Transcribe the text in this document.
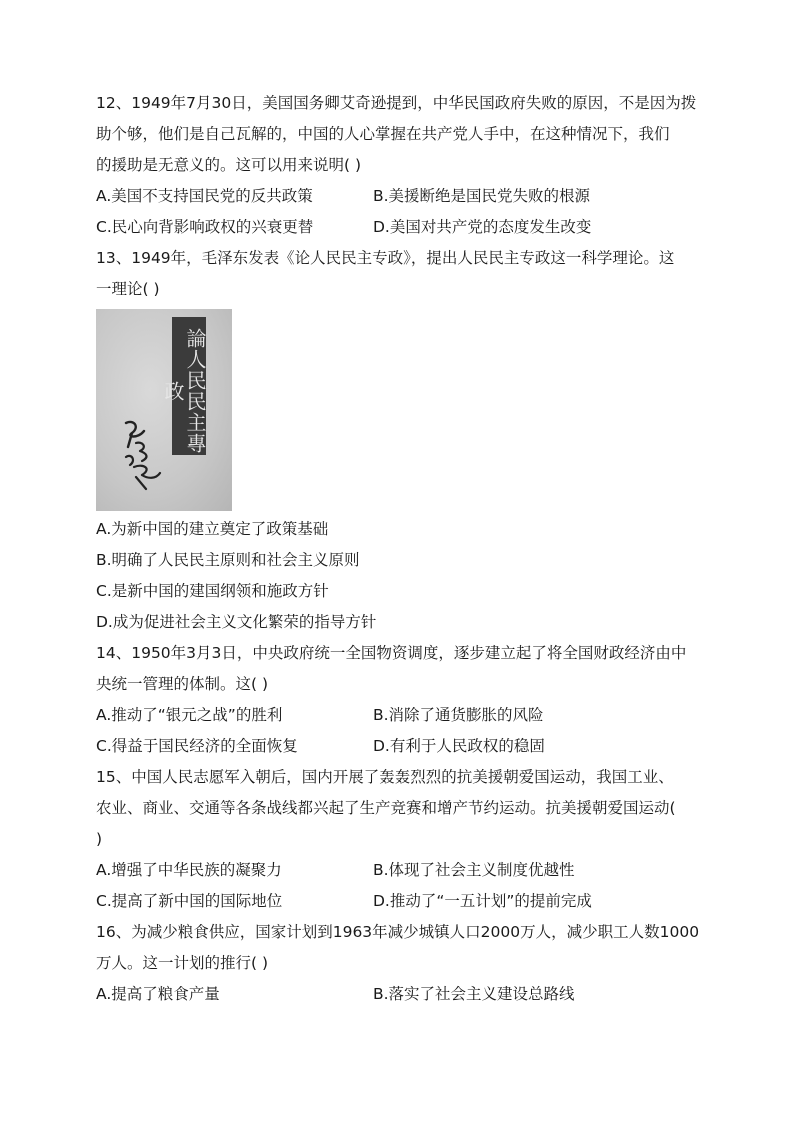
12、1949年7月30日，美国国务卿艾奇逊提到，中华民国政府失败的原因，不是因为拨
助个够，他们是自己瓦解的，中国的人心掌握在共产党人手中，在这种情况下，我们
的援助是无意义的。这可以用来说明( )
A.美国不支持国民党的反共政策	B.美援断绝是国民党失败的根源
C.民心向背影响政权的兴衰更替	D.美国对共产党的态度发生改变
13、1949年，毛泽东发表《论人民民主专政》，提出人民民主专政这一科学理论。这
一理论( )
論人民民主專政
A.为新中国的建立奠定了政策基础
B.明确了人民民主原则和社会主义原则
C.是新中国的建国纲领和施政方针
D.成为促进社会主义文化繁荣的指导方针
14、1950年3月3日，中央政府统一全国物资调度，逐步建立起了将全国财政经济由中
央统一管理的体制。这( )
A.推动了“银元之战”的胜利	B.消除了通货膨胀的风险
C.得益于国民经济的全面恢复	D.有利于人民政权的稳固
15、中国人民志愿军入朝后，国内开展了轰轰烈烈的抗美援朝爱国运动，我国工业、
农业、商业、交通等各条战线都兴起了生产竞赛和增产节约运动。抗美援朝爱国运动(
)
A.增强了中华民族的凝聚力	B.体现了社会主义制度优越性
C.提高了新中国的国际地位	D.推动了“一五计划”的提前完成
16、为减少粮食供应，国家计划到1963年减少城镇人口2000万人，减少职工人数1000
万人。这一计划的推行( )
A.提高了粮食产量	B.落实了社会主义建设总路线
